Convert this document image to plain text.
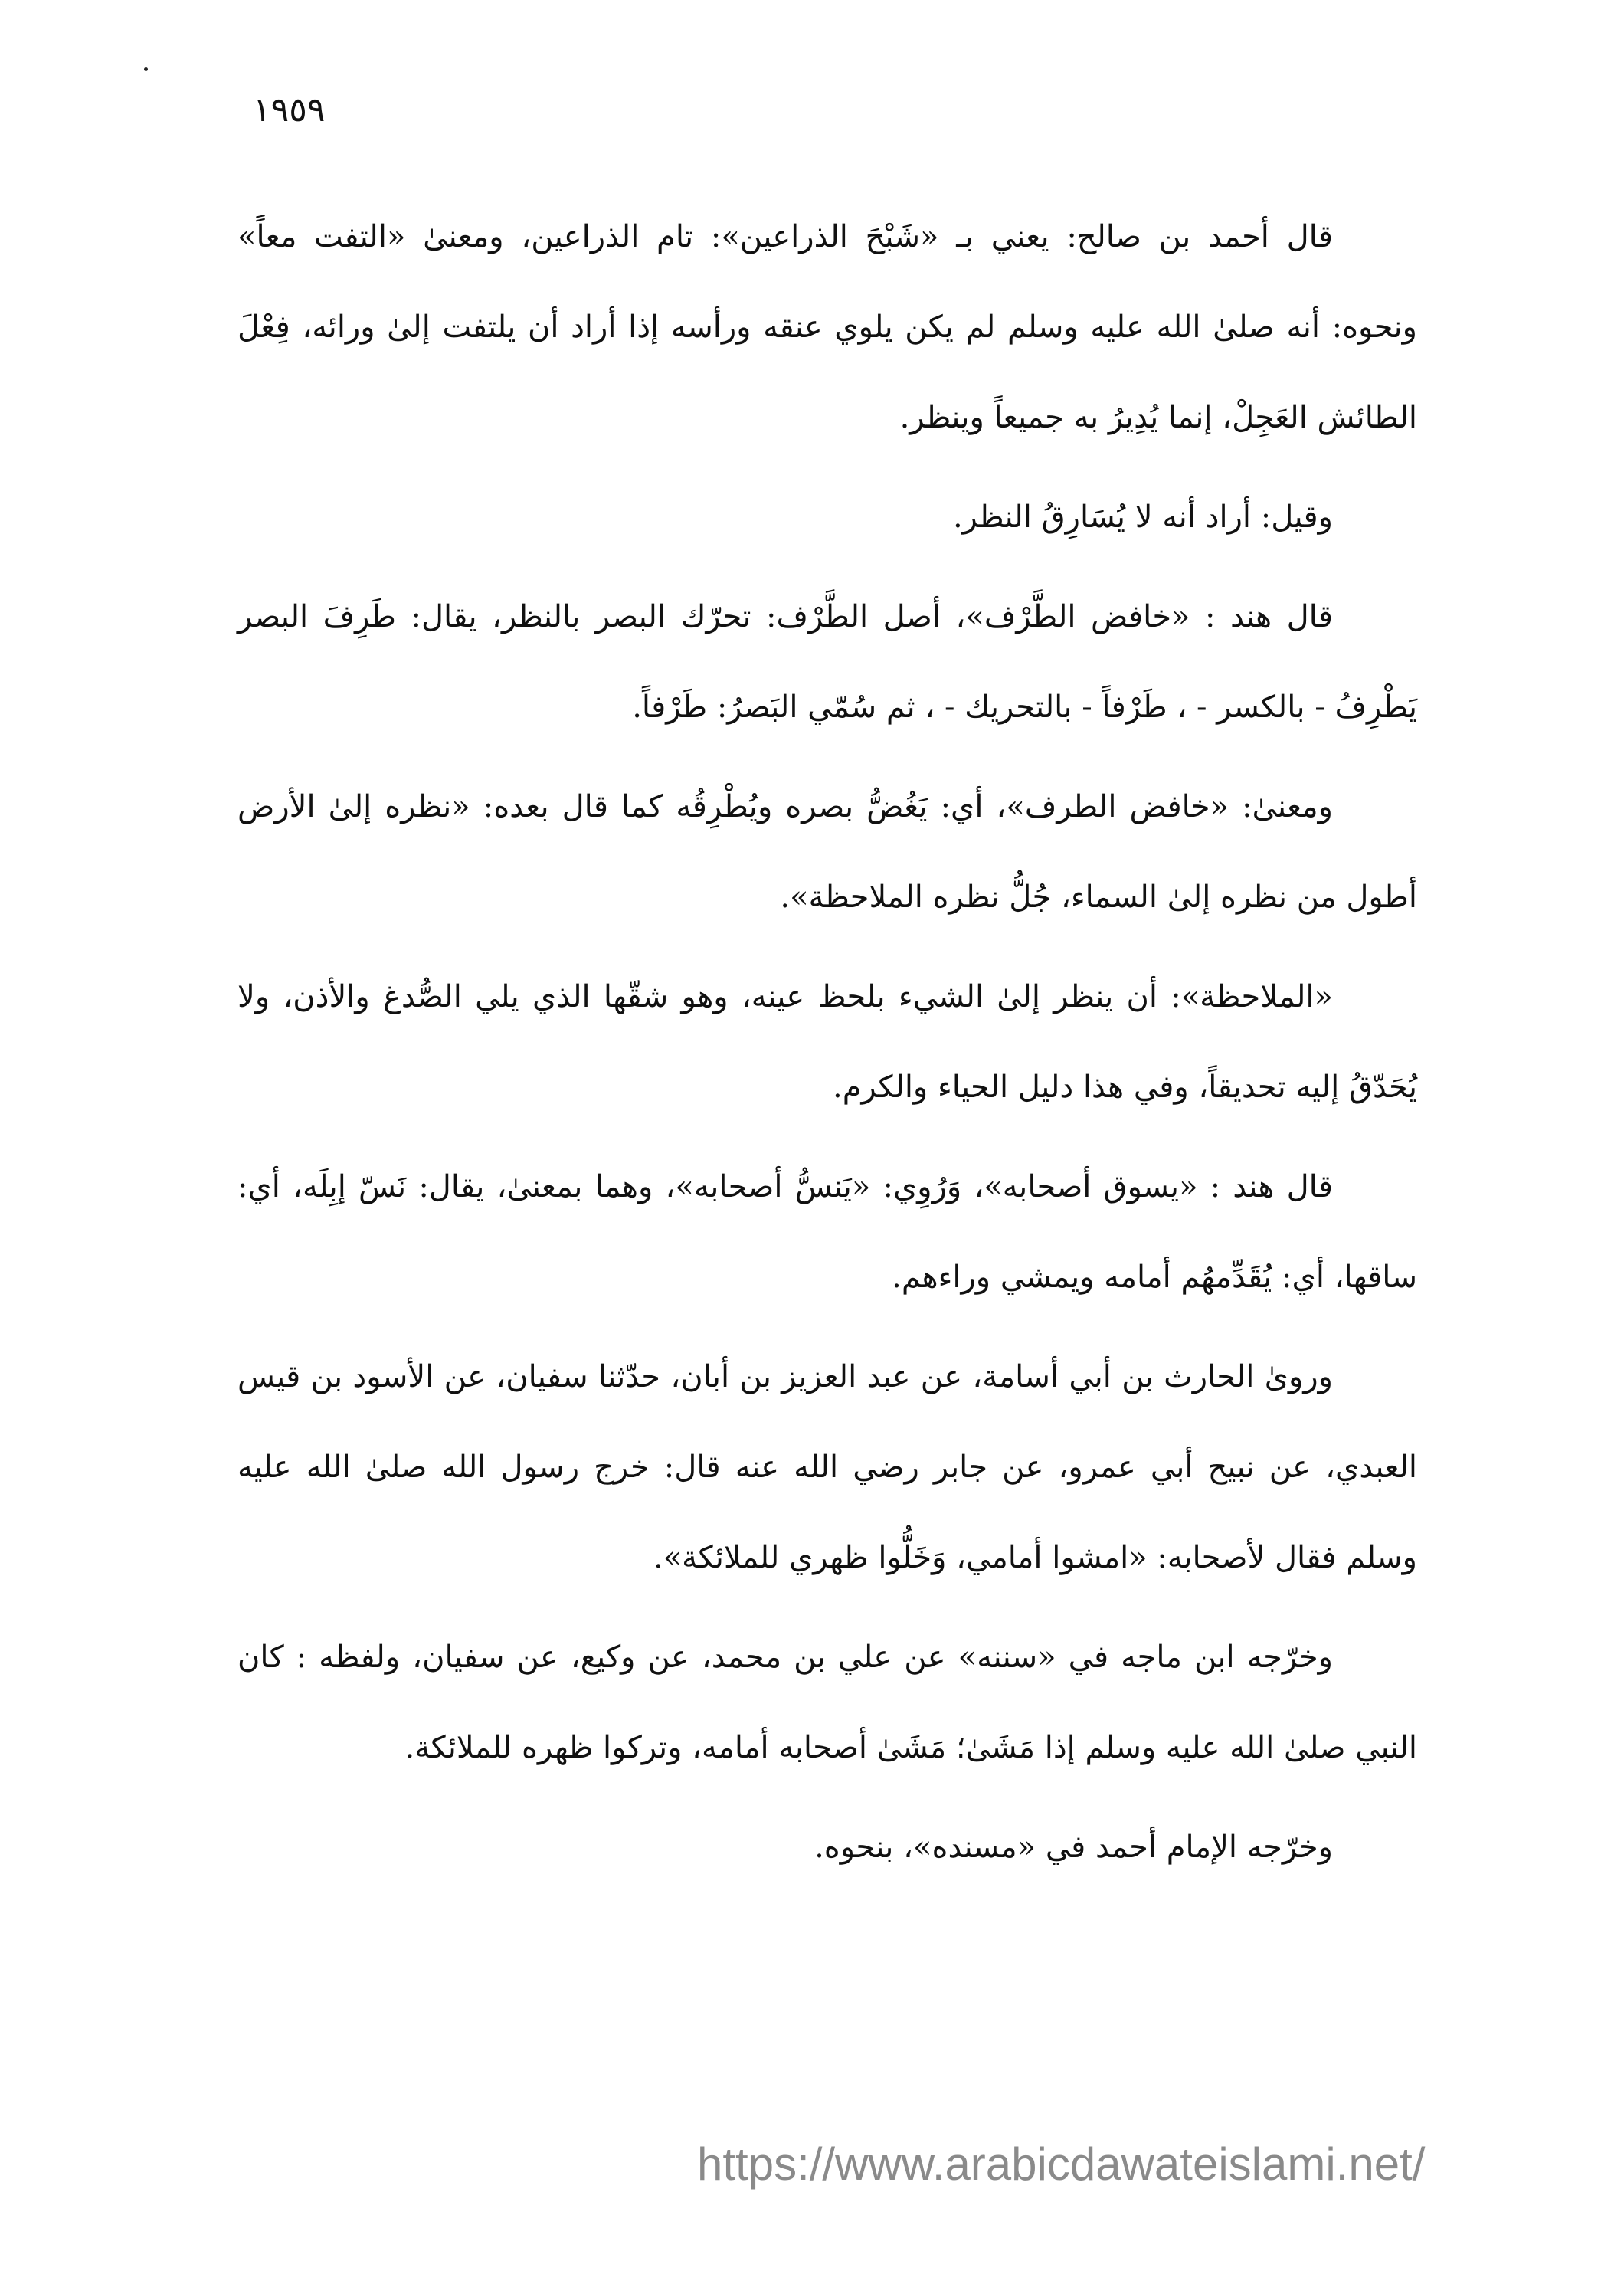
١٩٥٩

قال أحمد بن صالح: يعني بـ «شَبْحَ الذراعين»: تام الذراعين، ومعنىٰ «التفت معاً» ونحوه: أنه صلىٰ الله عليه وسلم لم يكن يلوي عنقه ورأسه إذا أراد أن يلتفت إلىٰ ورائه، فِعْلَ الطائش العَجِلْ، إنما يُدِيرُ به جميعاً وينظر.

وقيل: أراد أنه لا يُسَارِقُ النظر.

قال هند : «خافض الطَّرْف»، أصل الطَّرْف: تحرّك البصر بالنظر، يقال: طَرِفَ البصر يَطْرِفُ - بالكسر - ، طَرْفاً - بالتحريك - ، ثم سُمّي البَصرُ: طَرْفاً.

ومعنىٰ: «خافض الطرف»، أي: يَغُضُّ بصره ويُطْرِقُه كما قال بعده: «نظره إلىٰ الأرض أطول من نظره إلىٰ السماء، جُلُّ نظره الملاحظة».

«الملاحظة»: أن ينظر إلىٰ الشيء بلحظ عينه، وهو شقّها الذي يلي الصُّدغ والأذن، ولا يُحَدّقُ إليه تحديقاً، وفي هذا دليل الحياء والكرم.

قال هند : «يسوق أصحابه»، وَرُوِي: «يَنسُّ أصحابه»، وهما بمعنىٰ، يقال: نَسّ إبِلَه، أي: ساقها، أي: يُقَدِّمهُم أمامه ويمشي وراءهم.

وروىٰ الحارث بن أبي أسامة، عن عبد العزيز بن أبان، حدّثنا سفيان، عن الأسود بن قيس العبدي، عن نبيح أبي عمرو، عن جابر رضي الله عنه قال: خرج رسول الله صلىٰ الله عليه وسلم فقال لأصحابه: «امشوا أمامي، وَخَلُّوا ظهري للملائكة».

وخرّجه ابن ماجه في «سننه» عن علي بن محمد، عن وكيع، عن سفيان، ولفظه : كان النبي صلىٰ الله عليه وسلم إذا مَشَىٰ؛ مَشَىٰ أصحابه أمامه، وتركوا ظهره للملائكة.

وخرّجه الإمام أحمد في «مسنده»، بنحوه.

https://www.arabicdawateislami.net/
